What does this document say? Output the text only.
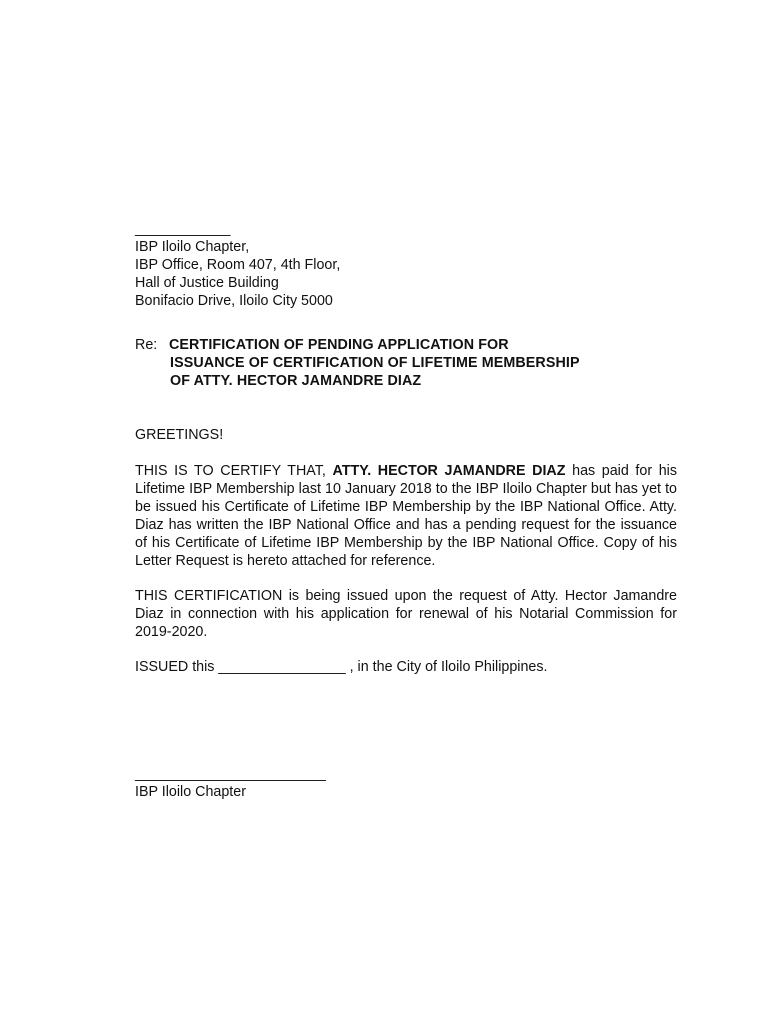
____________
IBP Iloilo Chapter,
IBP Office, Room 407, 4th Floor,
Hall of Justice Building
Bonifacio Drive, Iloilo City 5000
Re: CERTIFICATION OF PENDING APPLICATION FOR
ISSUANCE OF CERTIFICATION OF LIFETIME MEMBERSHIP
OF ATTY. HECTOR JAMANDRE DIAZ
GREETINGS!
THIS IS TO CERTIFY THAT, ATTY. HECTOR JAMANDRE DIAZ has paid for his Lifetime IBP Membership last 10 January 2018 to the IBP Iloilo Chapter but has yet to be issued his Certificate of Lifetime IBP Membership by the IBP National Office. Atty. Diaz has written the IBP National Office and has a pending request for the issuance of his Certificate of Lifetime IBP Membership by the IBP National Office. Copy of his Letter Request is hereto attached for reference.
THIS CERTIFICATION is being issued upon the request of Atty. Hector Jamandre Diaz in connection with his application for renewal of his Notarial Commission for 2019-2020.
ISSUED this ________________ , in the City of Iloilo Philippines.
________________________
IBP Iloilo Chapter
